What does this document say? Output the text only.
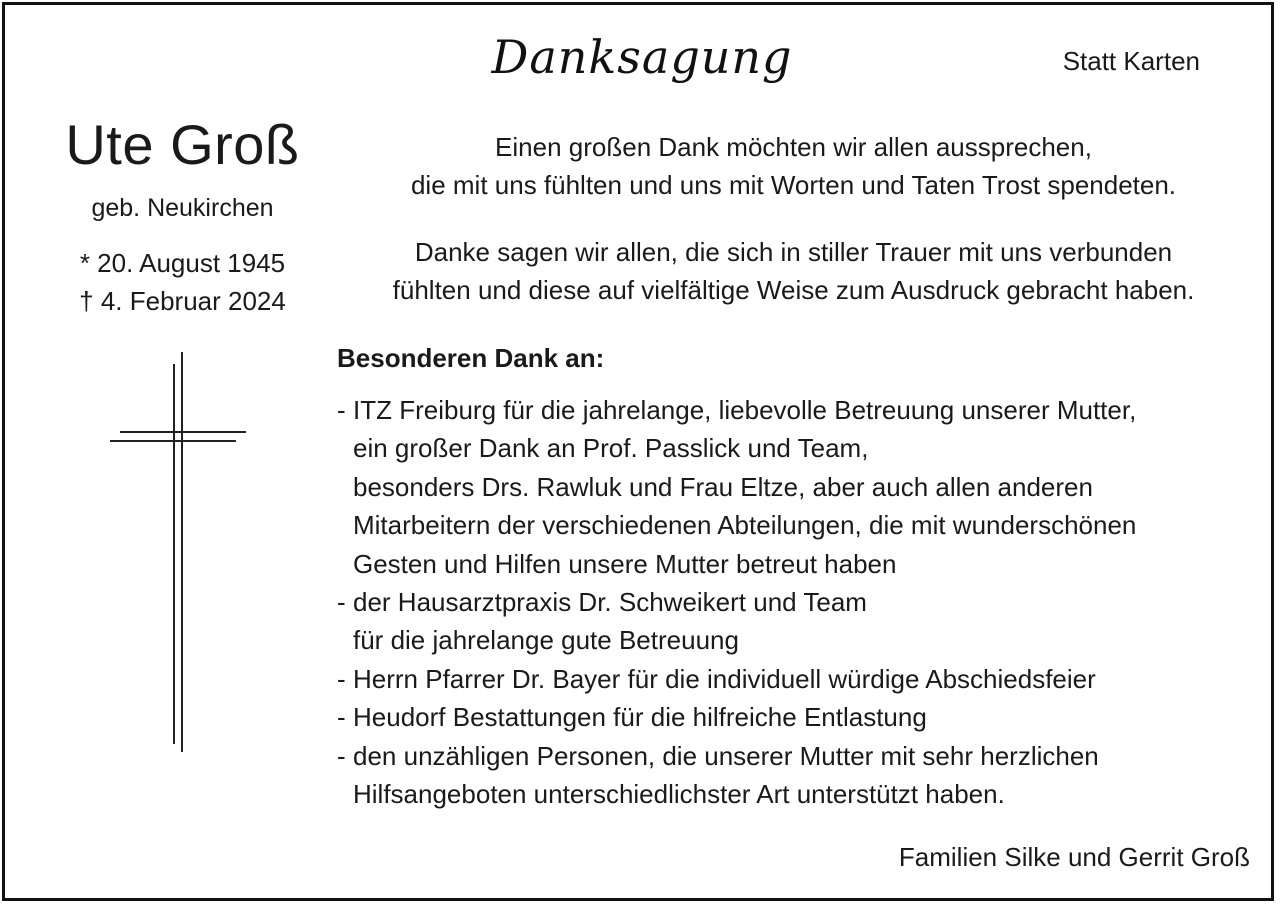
Danksagung	Statt Karten
Ute Groß
geb. Neukirchen
* 20. August 1945
† 4. Februar 2024
Einen großen Dank möchten wir allen aussprechen,
die mit uns fühlten und uns mit Worten und Taten Trost spendeten.
Danke sagen wir allen, die sich in stiller Trauer mit uns verbunden
fühlten und diese auf vielfältige Weise zum Ausdruck gebracht haben.
Besonderen Dank an:
- ITZ Freiburg für die jahrelange, liebevolle Betreuung unserer Mutter,
ein großer Dank an Prof. Passlick und Team,
besonders Drs. Rawluk und Frau Eltze, aber auch allen anderen
Mitarbeitern der verschiedenen Abteilungen, die mit wunderschönen
Gesten und Hilfen unsere Mutter betreut haben
- der Hausarztpraxis Dr. Schweikert und Team
für die jahrelange gute Betreuung
- Herrn Pfarrer Dr. Bayer für die individuell würdige Abschiedsfeier
- Heudorf Bestattungen für die hilfreiche Entlastung
- den unzähligen Personen, die unserer Mutter mit sehr herzlichen
Hilfsangeboten unterschiedlichster Art unterstützt haben.
Familien Silke und Gerrit Groß
